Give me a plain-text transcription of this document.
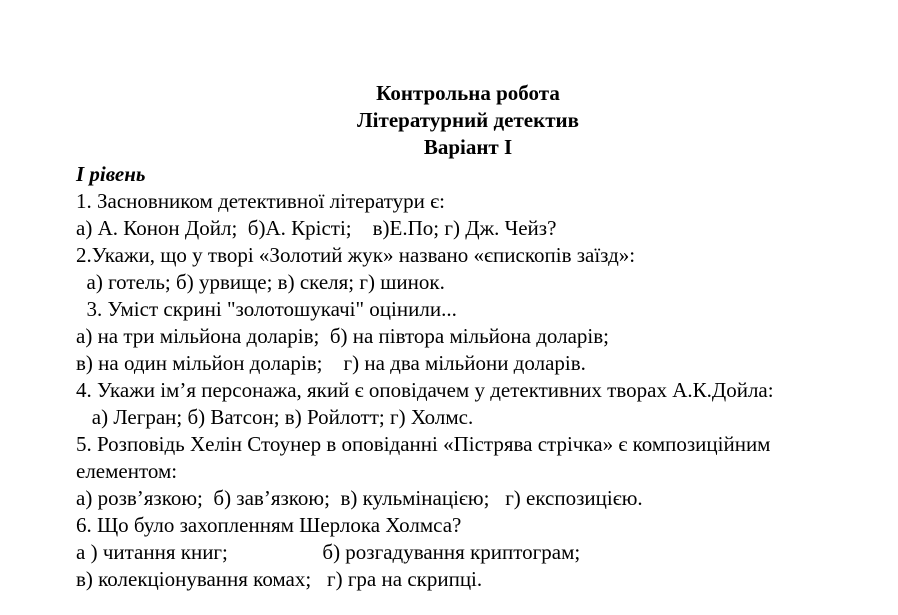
Контрольна робота
Літературний детектив
Варіант І
І рівень
1. Засновником детективної літератури є:
а) А. Конон Дойл;  б)А. Крісті;    в)Е.По; г) Дж. Чейз?
2.Укажи, що у творі «Золотий жук» названо «єпископів заїзд»:
а) готель; б) урвище; в) скеля; г) шинок.
3. Уміст скрині "золотошукачі" оцінили...
а) на три мільйона доларів;  б) на півтора мільйона доларів;
в) на один мільйон доларів;    г) на два мільйони доларів.
4. Укажи ім’я персонажа, який є оповідачем у детективних творах А.К.Дойла:
а) Легран; б) Ватсон; в) Ройлотт; г) Холмс.
5. Розповідь Хелін Стоунер в оповіданні «Пістрява стрічка» є композиційним
елементом:
а) розв’язкою;  б) зав’язкою;  в) кульмінацією;   г) експозицією.
6. Що було захопленням Шерлока Холмса?
а ) читання книг;                  б) розгадування криптограм;
в) колекціонування комах;   г) гра на скрипці.
